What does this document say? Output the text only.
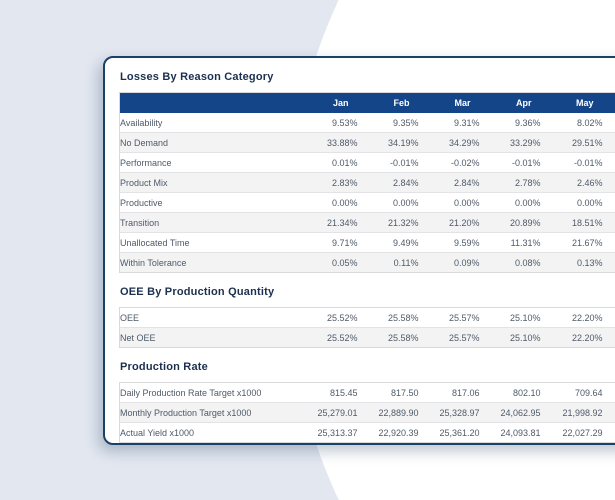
Losses By Reason Category
	Jan	Feb	Mar	Apr	May	
Availability	9.53%	9.35%	9.31%	9.36%	8.02%	
No Demand	33.88%	34.19%	34.29%	33.29%	29.51%	
Performance	0.01%	-0.01%	-0.02%	-0.01%	-0.01%	
Product Mix	2.83%	2.84%	2.84%	2.78%	2.46%	
Productive	0.00%	0.00%	0.00%	0.00%	0.00%	
Transition	21.34%	21.32%	21.20%	20.89%	18.51%	
Unallocated Time	9.71%	9.49%	9.59%	11.31%	21.67%	
Within Tolerance	0.05%	0.11%	0.09%	0.08%	0.13%	
OEE By Production Quantity
OEE	25.52%	25.58%	25.57%	25.10%	22.20%	
Net OEE	25.52%	25.58%	25.57%	25.10%	22.20%	
Production Rate
Daily Production Rate Target x1000	815.45	817.50	817.06	802.10	709.64	
Monthly Production Target x1000	25,279.01	22,889.90	25,328.97	24,062.95	21,998.92	
Actual Yield x1000	25,313.37	22,920.39	25,361.20	24,093.81	22,027.29	
